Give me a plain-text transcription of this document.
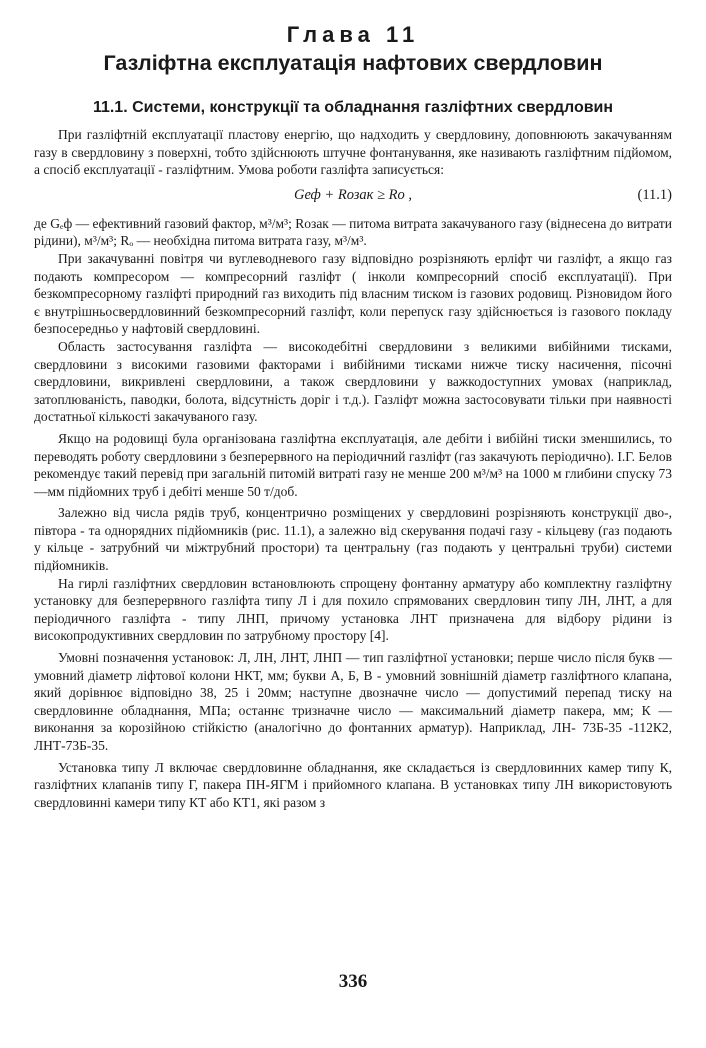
Глава 11
Газліфтна експлуатація нафтових свердловин
11.1. Системи, конструкції та обладнання газліфтних свердловин

При газліфтній експлуатації пластову енергію, що надходить у свердловину, доповнюють закачуванням газу в свердловину з поверхні, тобто здійснюють штучне фонтанування, яке називають газліфтним підйомом, а спосіб експлуатації - газліфтним. Умова роботи газліфта записується:

Gеф + Rозак ≥ Rо ,	(11.1)

де Gₑф — ефективний газовий фактор, м³/м³; Rозак — питома витрата закачуваного газу (віднесена до витрати рідини), м³/м³; Rₒ — необхідна питома витрата газу, м³/м³.

При закачуванні повітря чи вуглеводневого газу відповідно розрізняють ерліфт чи газліфт, а якщо газ подають компресором — компресорний газліфт ( інколи компресорний спосіб експлуатації). При безкомпресорному газліфті природний газ виходить під власним тиском із газових родовищ. Різновидом його є внутрішньосвердловинний безкомпресорний газліфт, коли перепуск газу здійснюється із газового покладу безпосередньо у нафтовій свердловині.

Область застосування газліфта — високодебітні свердловини з великими вибійними тисками, свердловини з високими газовими факторами і вибійними тисками нижче тиску насичення, пісочні свердловини, викривлені свердловини, а також свердловини у важкодоступних умовах (наприклад, затоплюваність, паводки, болота, відсутність доріг і т.д.). Газліфт можна застосовувати тільки при наявності достатньої кількості закачуваного газу.

Якщо на родовищі була організована газліфтна експлуатація, але дебіти і вибійні тиски зменшились, то переводять роботу свердловини з безперервного на періодичний газліфт (газ закачують періодично). І.Г. Белов рекомендує такий перевід при загальній питомій витраті газу не менше 200 м³/м³ на 1000 м глибини спуску 73—мм підйомних труб і дебіті менше 50 т/доб.

Залежно від числа рядів труб, концентрично розміщених у свердловині розрізняють конструкції дво-, півтора - та однорядних підйомників (рис. 11.1), а залежно від скерування подачі газу - кільцеву (газ подають у кільце - затрубний чи міжтрубний простори) та центральну (газ подають у центральні труби) системи підйомників.

На гирлі газліфтних свердловин встановлюють спрощену фонтанну арматуру або комплектну газліфтну установку для безперервного газліфта типу Л і для похило спрямованих свердловин типу ЛН, ЛНТ, а для періодичного газліфта - типу ЛНП, причому установка ЛНТ призначена для відбору рідини із високопродуктивних свердловин по затрубному простору [4].

Умовні позначення установок: Л, ЛН, ЛНТ, ЛНП — тип газліфтної установки; перше число після букв — умовний діаметр ліфтової колони НКТ, мм; букви А, Б, В - умовний зовнішній діаметр газліфтного клапана, який дорівнює відповідно 38, 25 і 20мм; наступне двозначне число — допустимий перепад тиску на свердловинне обладнання, МПа; останнє тризначне число — максимальний діаметр пакера, мм; К — виконання за корозійною стійкістю (аналогічно до фонтанних арматур). Наприклад, ЛН- 73Б-35 -112К2, ЛНТ-73Б-35.

Установка типу Л включає свердловинне обладнання, яке складається із свердловинних камер типу К, газліфтних клапанів типу Г, пакера ПН-ЯГМ і прийомного клапана. В установках типу ЛН використовують свердловинні камери типу КТ або КТ1, які разом з

336
